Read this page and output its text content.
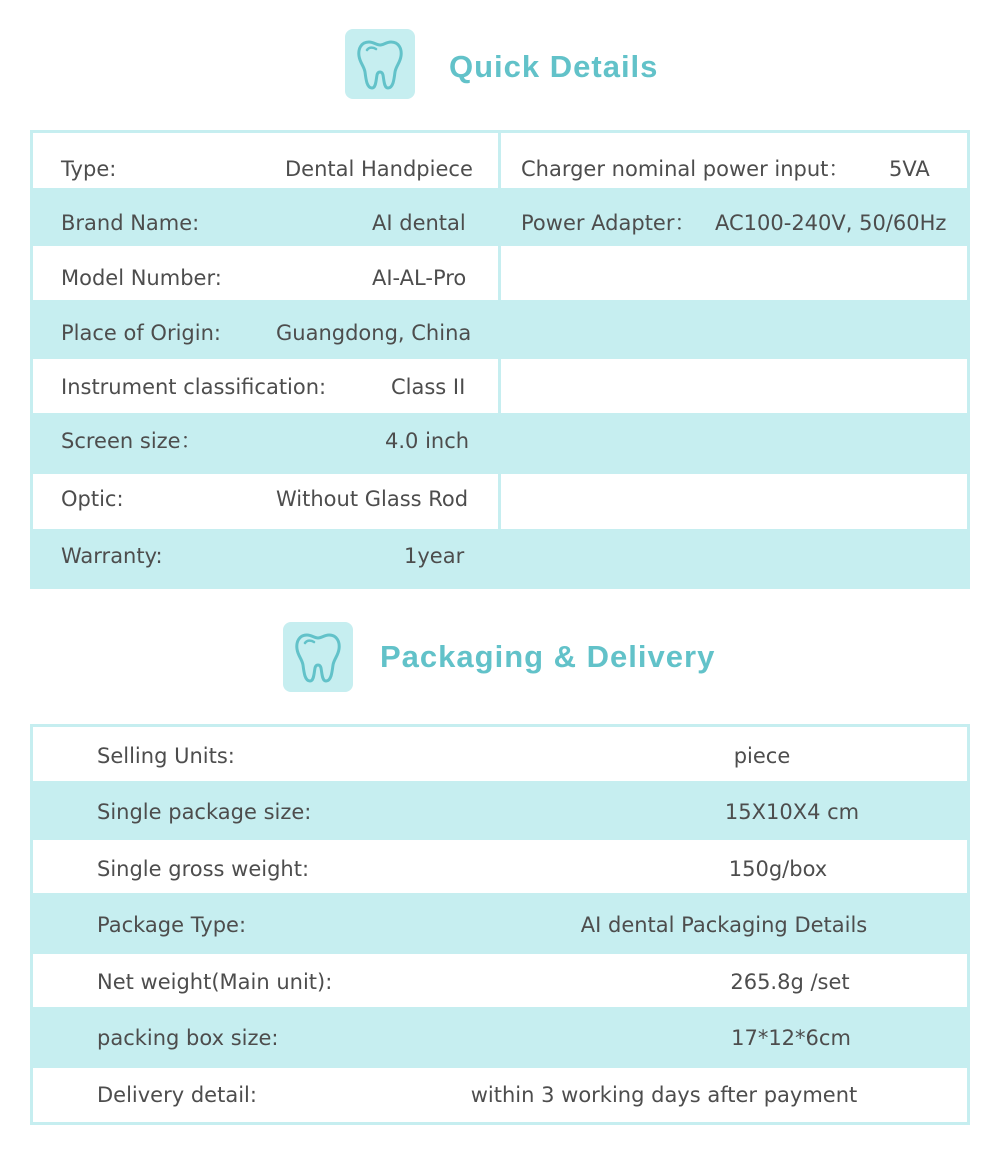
Quick Details
Type:	Dental Handpiece
Brand Name:	AI dental
Model Number:	AI-AL-Pro
Place of Origin:	Guangdong, China
Instrument classification:	Class II
Screen size：	4.0 inch
Optic:	Without Glass Rod
Warranty:	1year
Charger nominal power input： 5VA
Power Adapter： AC100-240V, 50/60Hz
Packaging & Delivery
Selling Units:	piece
Single package size:	15X10X4 cm
Single gross weight:	150g/box
Package Type:	AI dental Packaging Details
Net weight(Main unit):	265.8g /set
packing box size:	17*12*6cm
Delivery detail:	within 3 working days after payment
